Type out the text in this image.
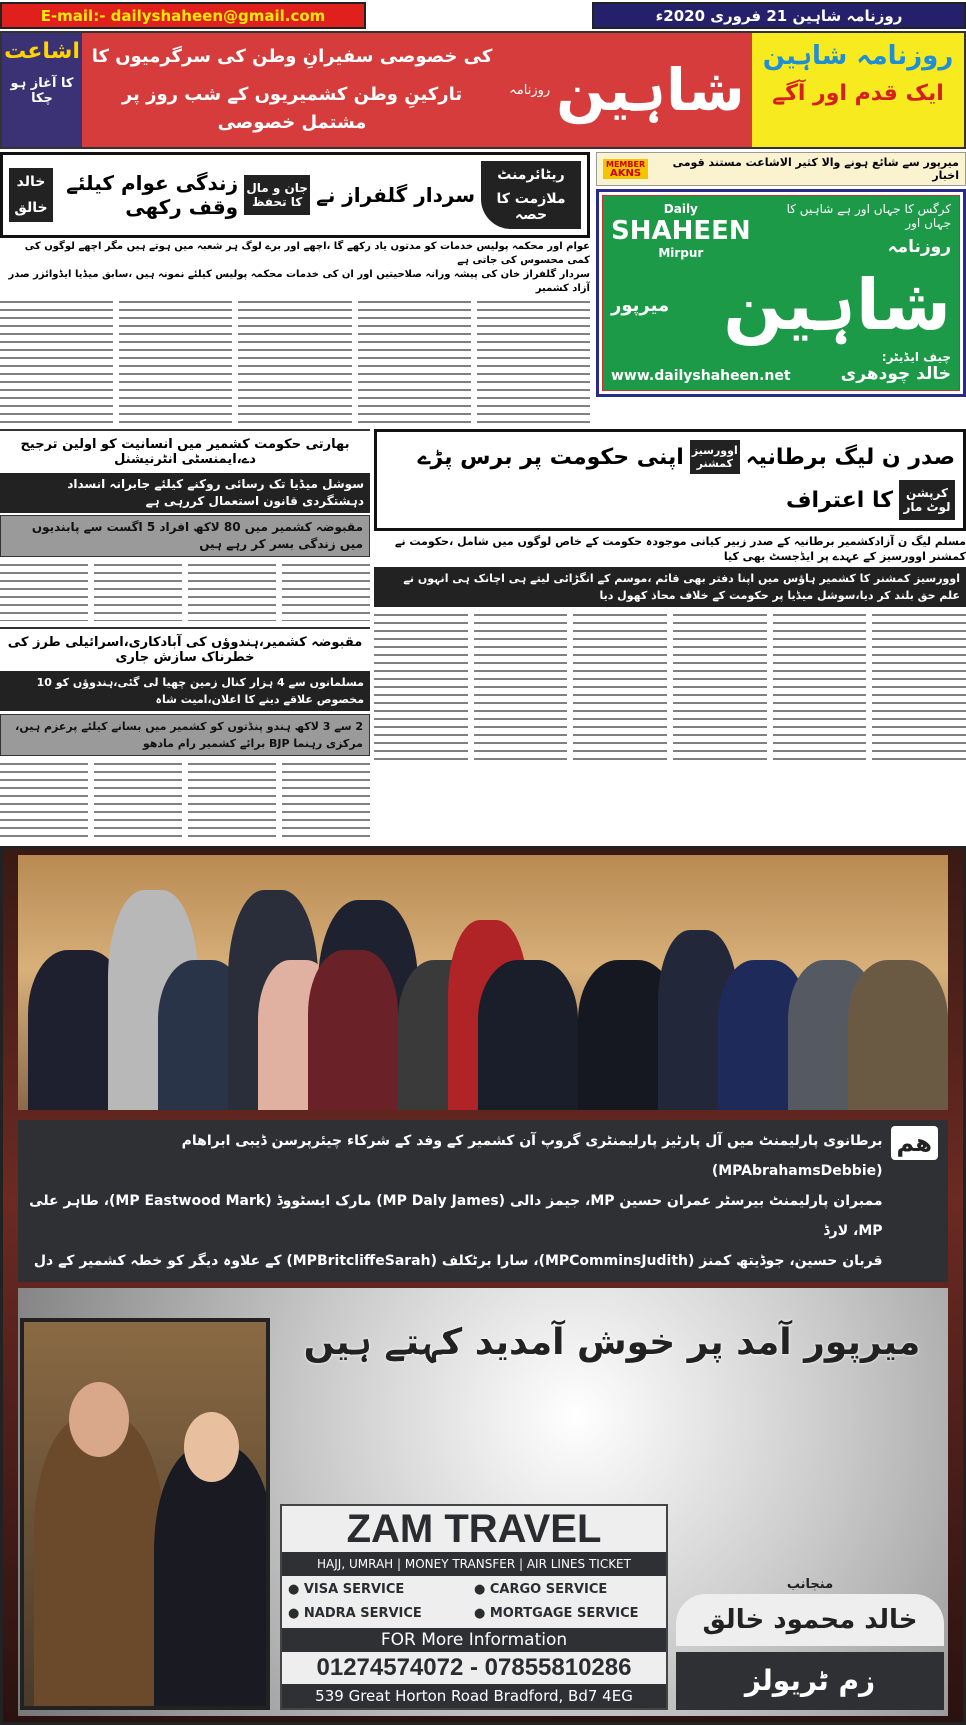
E-mail:- dailyshaheen@gmail.com	روزنامہ شاہین 21 فروری 2020ء
اشاعت
کا آغاز ہو چکا
کی خصوصی سفیرانِ وطن کی سرگرمیوں کا
تارکینِ وطن کشمیریوں کے شب روز پر مشتمل خصوصی	شاہین
روزنامہ
روزنامہ شاہین
ایک قدم اور آگے
ریٹائرمنٹ
ملازمت کا حصہ
سردار گلفراز نے
جان و مال کا تحفظ
زندگی عوام کیلئے وقف رکھی
خالد
خالق
عوام اور محکمہ پولیس خدمات کو مدتوں یاد رکھے گا ،اچھے اور برے لوگ ہر شعبہ میں ہوتے ہیں مگر اچھے لوگوں کی کمی محسوس کی جاتی ہے
سردار گلفراز خان کی پیشہ ورانہ صلاحیتیں اور ان کی خدمات محکمہ پولیس کیلئے نمونہ ہیں ،سابق میڈیا ایڈوائزر صدر آزاد کشمیر
میرپور سے شائع ہونے والا کثیر الاشاعت مستند قومی اخبار
MEMBER
AKNS
Daily
SHAHEEN
Mirpur
کرگس کا جہاں اور ہے شاہیں کا جہاں اور
روزنامہ
شاہین
میرپور
www.dailyshaheen.net
چیف ایڈیٹر:
خالد چودھری
بھارتی حکومت کشمیر میں انسانیت کو اولین ترجیح دے،ایمنسٹی انٹرنیشنل
سوشل میڈیا تک رسائی روکنے کیلئے جابرانہ انسداد دہشتگردی قانون استعمال کررہی ہے
مقبوضہ کشمیر میں 80 لاکھ افراد 5 اگست سے پابندیوں میں زندگی بسر کر رہے ہیں
مقبوضہ کشمیر،ہندوؤں کی آبادکاری،اسرائیلی طرز کی خطرناک سازش جاری
مسلمانوں سے 4 ہزار کنال زمین چھیا لی گئی،ہندوؤں کو 10 مخصوص علاقے دینے کا اعلان،امیت شاہ
2 سے 3 لاکھ ہندو پنڈتوں کو کشمیر میں بسانے کیلئے پرعزم ہیں، مرکزی رہنما BJP برائے کشمیر رام مادھو
صدر ن لیگ برطانیہ
اوورسیز کمشنر
اپنی حکومت پر برس پڑے
کرپشن لوٹ مار
کا اعتراف
مسلم لیگ ن آزادکشمیر برطانیہ کے صدر زبیر کیانی موجودہ حکومت کے خاص لوگوں میں شامل ،حکومت نے کمشنر اوورسیز کے عہدے پر ایڈجسٹ بھی کیا
اوورسیز کمشنر کا کشمیر ہاؤس میں اپنا دفتر بھی قائم ،موسم کے انگڑائی لیتے ہی اچانک ہی انہوں نے علم حق بلند کر دیا،سوشل میڈیا پر حکومت کے خلاف محاذ کھول دیا
هم
برطانوی پارلیمنٹ میں آل پارٹیز پارلیمنٹری گروپ آن کشمیر کے وفد کے شرکاء چیئرپرسن ڈیبی ابراھام (MPAbrahamsDebbie)
ممبران پارلیمنٹ بیرسٹر عمران حسین MP، جیمز دالی (MP Daly James) مارک ایسٹووڈ (MP Eastwood Mark)، طاہر علی MP، لارڈ
قربان حسین، جوڈیتھ کمنز (MPComminsJudith)، سارا برٹکلف (MPBritcliffeSarah) کے علاوہ دیگر کو خطہ کشمیر کے دل
میرپور آمد پر خوش آمدید کہتے ہیں
ZAM TRAVEL
HAJJ, UMRAH | MONEY TRANSFER | AIR LINES TICKET
● VISA SERVICE	● CARGO SERVICE
● NADRA SERVICE	● MORTGAGE SERVICE
FOR More Information
01274574072 - 07855810286
539 Great Horton Road Bradford, Bd7 4EG
منجانب
خالد محمود خالق
زم ٹریولز
